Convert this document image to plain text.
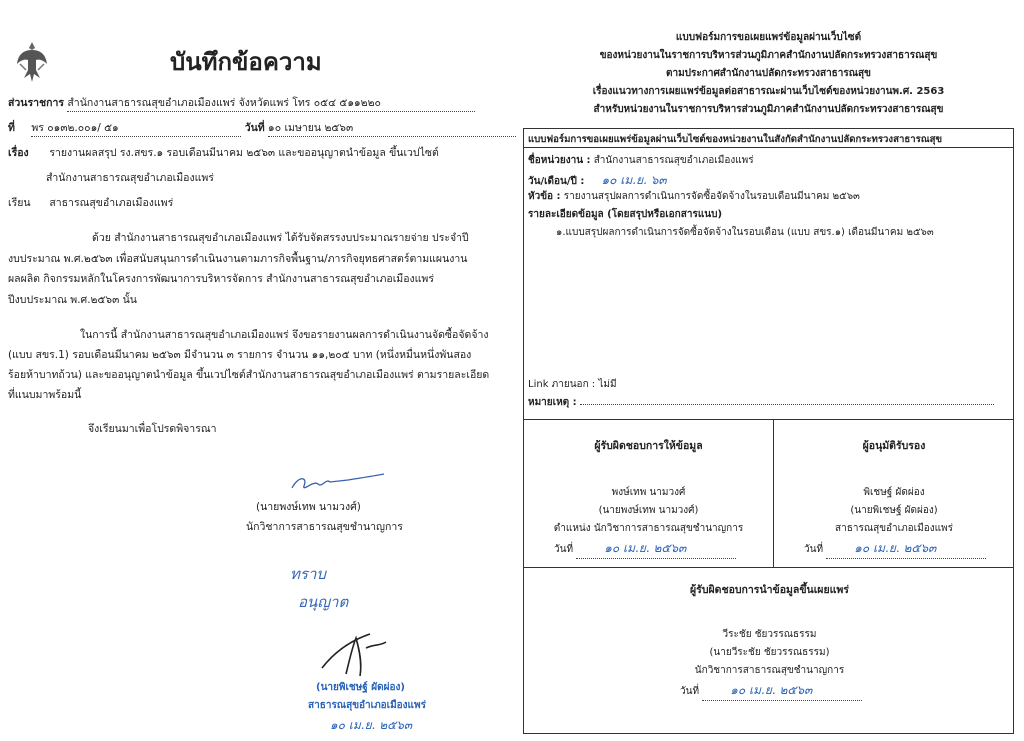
บันทึกข้อความ
ส่วนราชการ สำนักงานสาธารณสุขอำเภอเมืองแพร่ จังหวัดแพร่ โทร ๐๕๔ ๕๑๑๒๒๐
ที่ พร ๐๑๓๒.๐๐๑/ ๕๑	วันที่ ๑๐ เมษายน ๒๕๖๓
เรื่อง รายงานผลสรุป รง.สขร.๑ รอบเดือนมีนาคม ๒๕๖๓ และขออนุญาตนำข้อมูล ขึ้นเวปไซต์
สำนักงานสาธารณสุขอำเภอเมืองแพร่
เรียน สาธารณสุขอำเภอเมืองแพร่
ด้วย สำนักงานสาธารณสุขอำเภอเมืองแพร่ ได้รับจัดสรรงบประมาณรายจ่าย ประจำปี
งบประมาณ พ.ศ.๒๕๖๓ เพื่อสนับสนุนการดำเนินงานตามภารกิจพื้นฐาน/ภารกิจยุทธศาสตร์ตามแผนงาน
ผลผลิต กิจกรรมหลักในโครงการพัฒนาการบริหารจัดการ สำนักงานสาธารณสุขอำเภอเมืองแพร่
ปีงบประมาณ พ.ศ.๒๕๖๓ นั้น
ในการนี้ สำนักงานสาธารณสุขอำเภอเมืองแพร่ จึงขอรายงานผลการดำเนินงานจัดซื้อจัดจ้าง
(แบบ สขร.1) รอบเดือนมีนาคม ๒๕๖๓ มีจำนวน ๓ รายการ จำนวน ๑๑,๒๐๕ บาท (หนึ่งหมื่นหนึ่งพันสอง
ร้อยห้าบาทถ้วน) และขออนุญาตนำข้อมูล ขึ้นเวปไซต์สำนักงานสาธารณสุขอำเภอเมืองแพร่ ตามรายละเอียด
ที่แนบมาพร้อมนี้
จึงเรียนมาเพื่อโปรดพิจารณา
(นายพงษ์เทพ นามวงศ์)
นักวิชาการสาธารณสุขชำนาญการ
ทราบ
อนุญาต
(นายพิเชษฐ์ ผัดผ่อง)
สาธารณสุขอำเภอเมืองแพร่
๑๐ เม.ย. ๒๕๖๓
แบบฟอร์มการขอเผยแพร่ข้อมูลผ่านเว็บไซต์
ของหน่วยงานในราชการบริหารส่วนภูมิภาคสำนักงานปลัดกระทรวงสาธารณสุข
ตามประกาศสำนักงานปลัดกระทรวงสาธารณสุข
เรื่องแนวทางการเผยแพร่ข้อมูลต่อสาธารณะผ่านเว็บไซต์ของหน่วยงานพ.ศ. 2563
สำหรับหน่วยงานในราชการบริหารส่วนภูมิภาคสำนักงานปลัดกระทรวงสาธารณสุข
แบบฟอร์มการขอเผยแพร่ข้อมูลผ่านเว็บไซต์ของหน่วยงานในสังกัดสำนักงานปลัดกระทรวงสาธารณสุข
ชื่อหน่วยงาน : สำนักงานสาธารณสุขอำเภอเมืองแพร่
วัน/เดือน/ปี : ๑๐ เม.ย. ๖๓
หัวข้อ : รายงานสรุปผลการดำเนินการจัดซื้อจัดจ้างในรอบเดือนมีนาคม ๒๕๖๓
รายละเอียดข้อมูล (โดยสรุปหรือเอกสารแนบ)
๑.แบบสรุปผลการดำเนินการจัดซื้อจัดจ้างในรอบเดือน (แบบ สขร.๑) เดือนมีนาคม ๒๕๖๓
Link ภายนอก : ไม่มี
หมายเหตุ :
ผู้รับผิดชอบการให้ข้อมูล
พงษ์เทพ นามวงศ์
(นายพงษ์เทพ นามวงศ์)
ตำแหน่ง นักวิชาการสาธารณสุขชำนาญการ
วันที่	๑๐ เม.ย. ๒๕๖๓
ผู้อนุมัติรับรอง
พิเชษฐ์ ผัดผ่อง
(นายพิเชษฐ์ ผัดผ่อง)
สาธารณสุขอำเภอเมืองแพร่
วันที่	๑๐ เม.ย. ๒๕๖๓
ผู้รับผิดชอบการนำข้อมูลขึ้นเผยแพร่
วีระชัย ชัยวรรณธรรม
(นายวีระชัย ชัยวรรณธรรม)
นักวิชาการสาธารณสุขชำนาญการ
วันที่	๑๐ เม.ย. ๒๕๖๓
